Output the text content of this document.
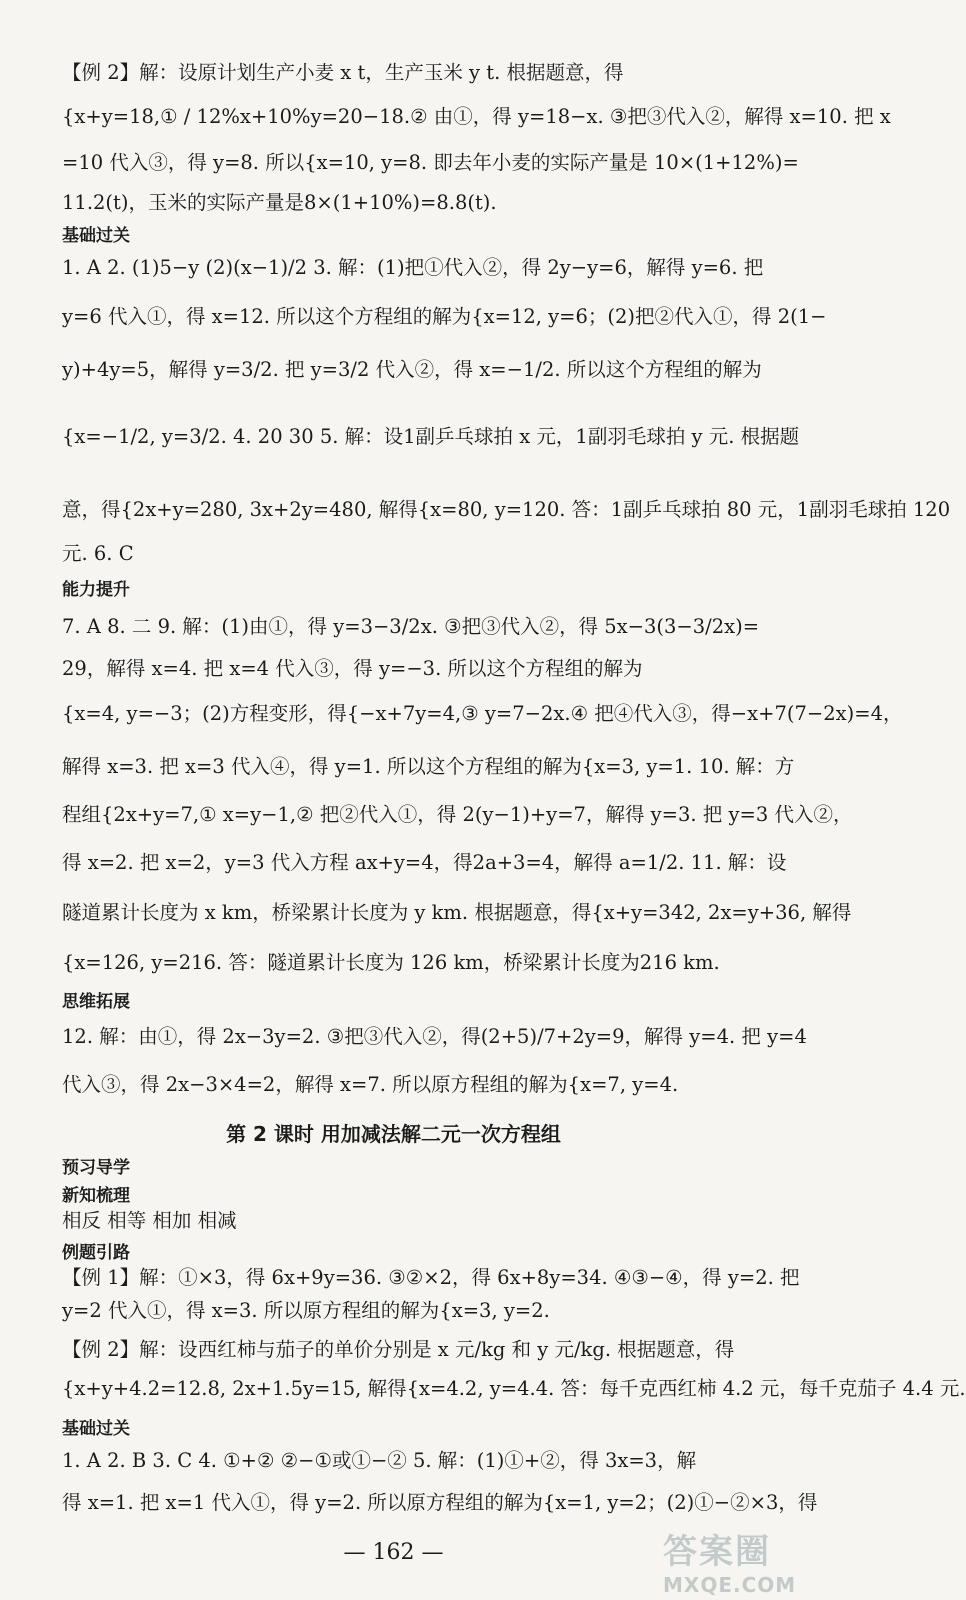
【例 2】解：设原计划生产小麦 x t，生产玉米 y t. 根据题意，得
{x+y=18,① / 12%x+10%y=20−18.② 由①，得 y=18−x. ③把③代入②，解得 x=10. 把 x
=10 代入③，得 y=8. 所以{x=10, y=8. 即去年小麦的实际产量是 10×(1+12%)=
11.2(t)，玉米的实际产量是8×(1+10%)=8.8(t).
基础过关
1. A 2. (1)5−y (2)(x−1)/2 3. 解：(1)把①代入②，得 2y−y=6，解得 y=6. 把
y=6 代入①，得 x=12. 所以这个方程组的解为{x=12, y=6；(2)把②代入①，得 2(1−
y)+4y=5，解得 y=3/2. 把 y=3/2 代入②，得 x=−1/2. 所以这个方程组的解为
{x=−1/2, y=3/2. 4. 20 30 5. 解：设1副乒乓球拍 x 元，1副羽毛球拍 y 元. 根据题
意，得{2x+y=280, 3x+2y=480, 解得{x=80, y=120. 答：1副乒乓球拍 80 元，1副羽毛球拍 120
元. 6. C
能力提升
7. A 8. 二 9. 解：(1)由①，得 y=3−3/2x. ③把③代入②，得 5x−3(3−3/2x)=
29，解得 x=4. 把 x=4 代入③，得 y=−3. 所以这个方程组的解为
{x=4, y=−3；(2)方程变形，得{−x+7y=4,③ y=7−2x.④ 把④代入③，得−x+7(7−2x)=4，
解得 x=3. 把 x=3 代入④，得 y=1. 所以这个方程组的解为{x=3, y=1. 10. 解：方
程组{2x+y=7,① x=y−1,② 把②代入①，得 2(y−1)+y=7，解得 y=3. 把 y=3 代入②，
得 x=2. 把 x=2，y=3 代入方程 ax+y=4，得2a+3=4，解得 a=1/2. 11. 解：设
隧道累计长度为 x km，桥梁累计长度为 y km. 根据题意，得{x+y=342, 2x=y+36, 解得
{x=126, y=216. 答：隧道累计长度为 126 km，桥梁累计长度为216 km.
思维拓展
12. 解：由①，得 2x−3y=2. ③把③代入②，得(2+5)/7+2y=9，解得 y=4. 把 y=4
代入③，得 2x−3×4=2，解得 x=7. 所以原方程组的解为{x=7, y=4.
第 2 课时 用加减法解二元一次方程组
预习导学
新知梳理
相反 相等 相加 相减
例题引路
【例 1】解：①×3，得 6x+9y=36. ③②×2，得 6x+8y=34. ④③−④，得 y=2. 把
y=2 代入①，得 x=3. 所以原方程组的解为{x=3, y=2.
【例 2】解：设西红柿与茄子的单价分别是 x 元/kg 和 y 元/kg. 根据题意，得
{x+y+4.2=12.8, 2x+1.5y=15, 解得{x=4.2, y=4.4. 答：每千克西红柿 4.2 元，每千克茄子 4.4 元.
基础过关
1. A 2. B 3. C 4. ①+② ②−①或①−② 5. 解：(1)①+②，得 3x=3，解
得 x=1. 把 x=1 代入①，得 y=2. 所以原方程组的解为{x=1, y=2；(2)①−②×3，得
— 162 —	答案圈
MXQE.COM
